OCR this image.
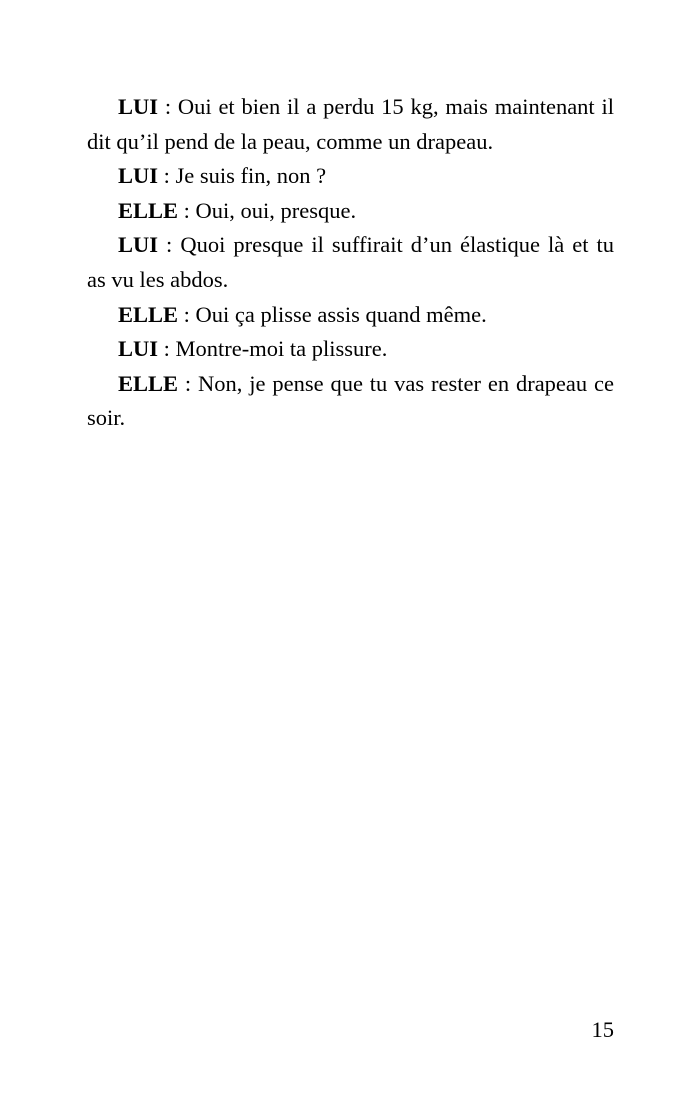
LUI : Oui et bien il a perdu 15 kg, mais maintenant il dit qu’il pend de la peau, comme un drapeau.

LUI : Je suis fin, non ?

ELLE : Oui, oui, presque.

LUI : Quoi presque il suffirait d’un élastique là et tu as vu les abdos.

ELLE : Oui ça plisse assis quand même.

LUI : Montre-moi ta plissure.

ELLE : Non, je pense que tu vas rester en drapeau ce soir.

15
